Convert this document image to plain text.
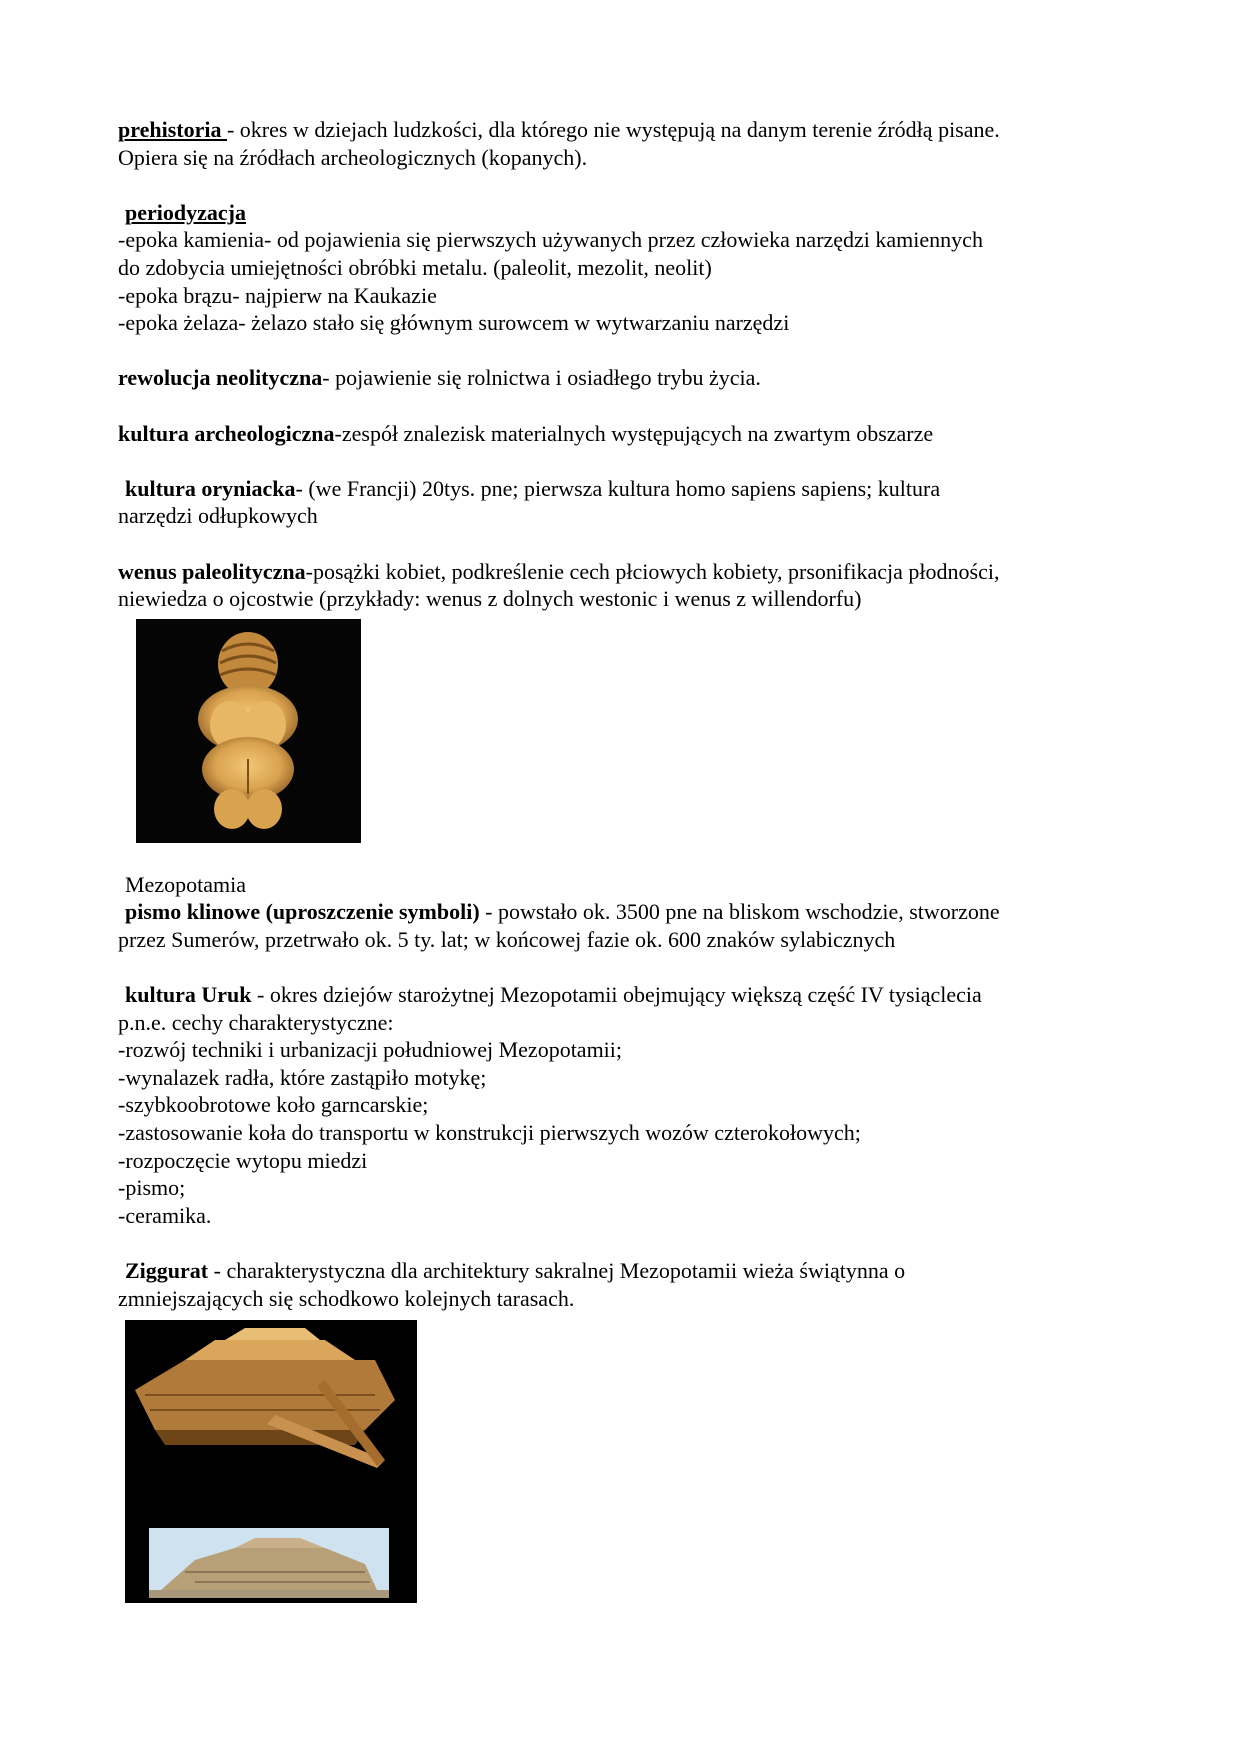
prehistoria - okres w dziejach ludzkości, dla którego nie występują na danym terenie źródłą pisane.

Opiera się na źródłach archeologicznych (kopanych).

periodyzacja

-epoka kamienia- od pojawienia się pierwszych używanych przez człowieka narzędzi kamiennych

do zdobycia umiejętności obróbki metalu. (paleolit, mezolit, neolit)

-epoka brązu- najpierw na Kaukazie

-epoka żelaza- żelazo stało się głównym surowcem w wytwarzaniu narzędzi

rewolucja neolityczna- pojawienie się rolnictwa i osiadłego trybu życia.

kultura archeologiczna-zespół znalezisk materialnych występujących na zwartym obszarze

kultura oryniacka- (we Francji) 20tys. pne; pierwsza kultura homo sapiens sapiens; kultura

narzędzi odłupkowych

wenus paleolityczna-posążki kobiet, podkreślenie cech płciowych kobiety, prsonifikacja płodności,

niewiedza o ojcostwie (przykłady: wenus z dolnych westonic i wenus z willendorfu)

Mezopotamia

pismo klinowe (uproszczenie symboli) - powstało ok. 3500 pne na bliskom wschodzie, stworzone

przez Sumerów, przetrwało ok. 5 ty. lat; w końcowej fazie ok. 600 znaków sylabicznych

kultura Uruk - okres dziejów starożytnej Mezopotamii obejmujący większą część IV tysiąclecia

p.n.e. cechy charakterystyczne:

-rozwój techniki i urbanizacji południowej Mezopotamii;

-wynalazek radła, które zastąpiło motykę;

-szybkoobrotowe koło garncarskie;

-zastosowanie koła do transportu w konstrukcji pierwszych wozów czterokołowych;

-rozpoczęcie wytopu miedzi

-pismo;

-ceramika.

Ziggurat - charakterystyczna dla architektury sakralnej Mezopotamii wieża świątynna o

zmniejszających się schodkowo kolejnych tarasach.
